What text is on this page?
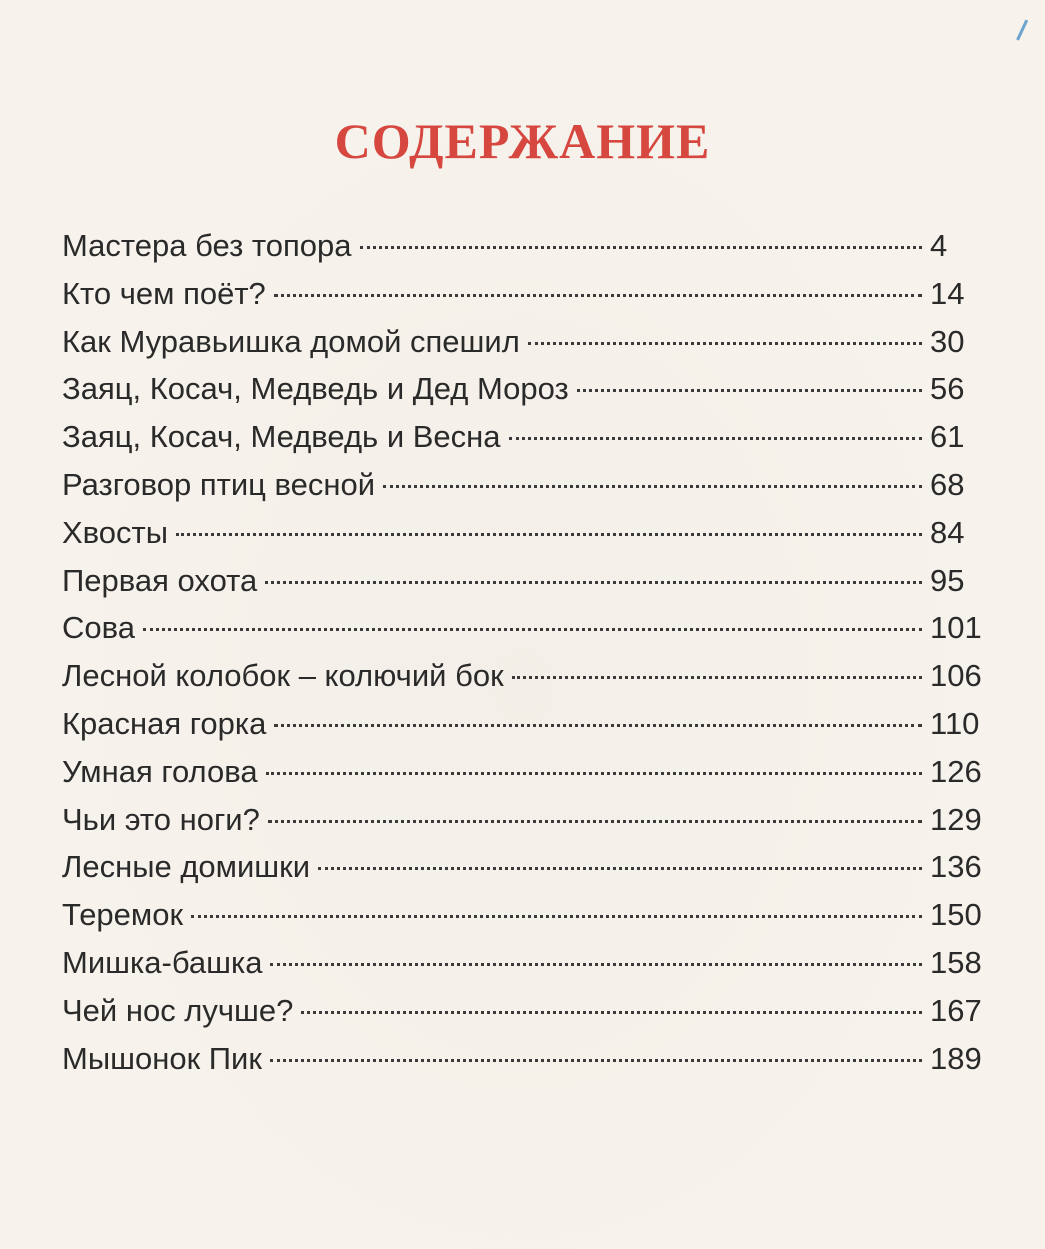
СОДЕРЖАНИЕ
Мастера без топора	4
Кто чем поёт?	14
Как Муравьишка домой спешил	30
Заяц, Косач, Медведь и Дед Мороз	56
Заяц, Косач, Медведь и Весна	61
Разговор птиц весной	68
Хвосты	84
Первая охота	95
Сова	101
Лесной колобок – колючий бок	106
Красная горка	110
Умная голова	126
Чьи это ноги?	129
Лесные домишки	136
Теремок	150
Мишка-башка	158
Чей нос лучше?	167
Мышонок Пик	189
